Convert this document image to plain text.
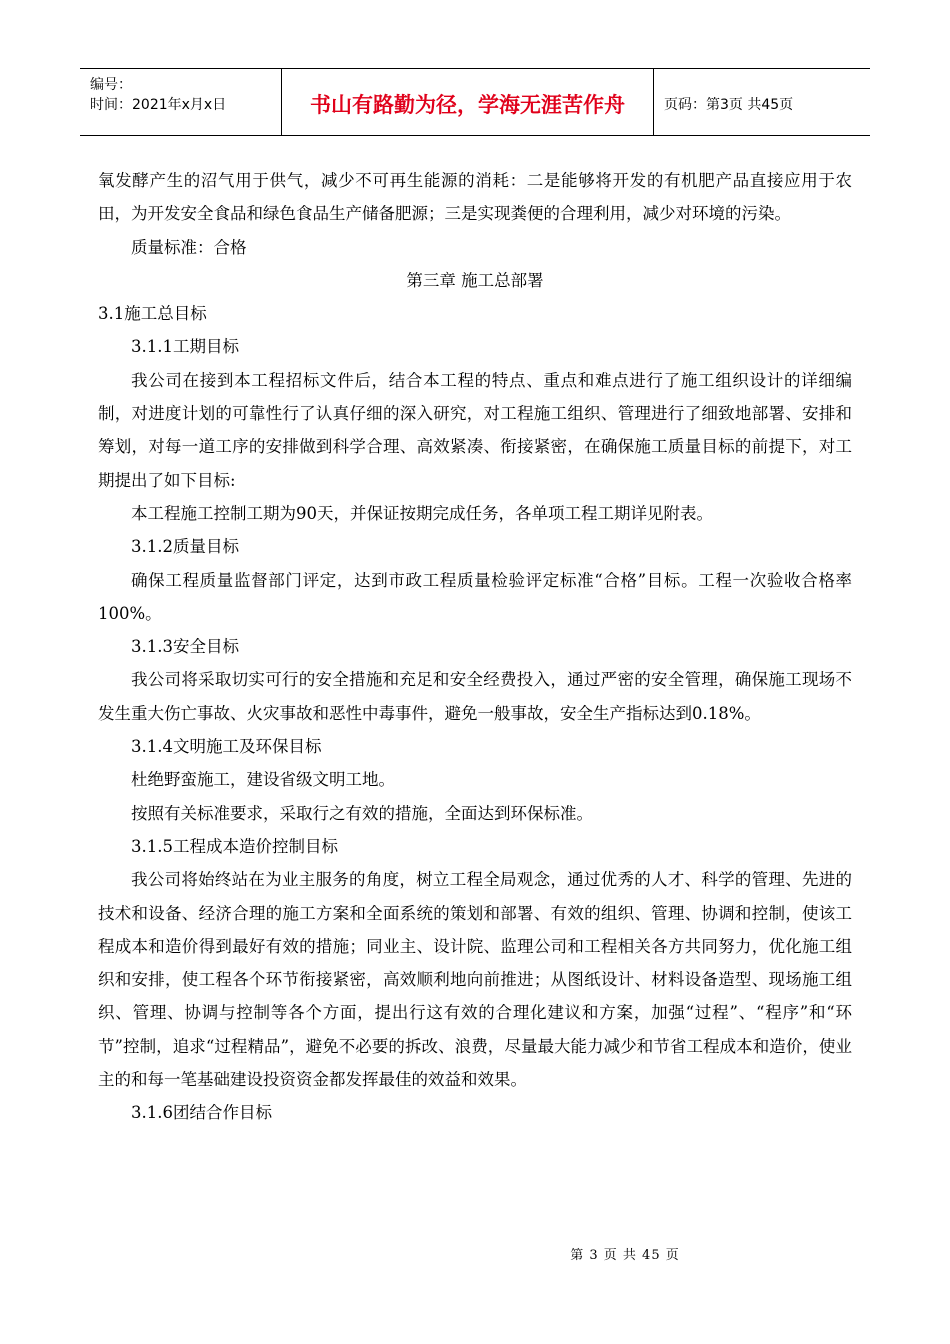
编号：
时间：2021年x月x日	书山有路勤为径，学海无涯苦作舟	页码：第3页 共45页

氧发酵产生的沼气用于供气，减少不可再生能源的消耗：二是能够将开发的有机肥产品直接应用于农田，为开发安全食品和绿色食品生产储备肥源；三是实现粪便的合理利用，减少对环境的污染。

质量标准：合格

第三章 施工总部署

3.1施工总目标

3.1.1工期目标

我公司在接到本工程招标文件后，结合本工程的特点、重点和难点进行了施工组织设计的详细编制，对进度计划的可靠性行了认真仔细的深入研究，对工程施工组织、管理进行了细致地部署、安排和筹划，对每一道工序的安排做到科学合理、高效紧凑、衔接紧密，在确保施工质量目标的前提下，对工期提出了如下目标:

本工程施工控制工期为90天，并保证按期完成任务，各单项工程工期详见附表。

3.1.2质量目标

确保工程质量监督部门评定，达到市政工程质量检验评定标准“合格”目标。工程一次验收合格率100%。

3.1.3安全目标

我公司将采取切实可行的安全措施和充足和安全经费投入，通过严密的安全管理，确保施工现场不发生重大伤亡事故、火灾事故和恶性中毒事件，避免一般事故，安全生产指标达到0.18%。

3.1.4文明施工及环保目标

杜绝野蛮施工，建设省级文明工地。

按照有关标准要求，采取行之有效的措施，全面达到环保标准。

3.1.5工程成本造价控制目标

我公司将始终站在为业主服务的角度，树立工程全局观念，通过优秀的人才、科学的管理、先进的技术和设备、经济合理的施工方案和全面系统的策划和部署、有效的组织、管理、协调和控制，使该工程成本和造价得到最好有效的措施；同业主、设计院、监理公司和工程相关各方共同努力，优化施工组织和安排，使工程各个环节衔接紧密，高效顺利地向前推进；从图纸设计、材料设备造型、现场施工组织、管理、协调与控制等各个方面，提出行这有效的合理化建议和方案，加强“过程”、“程序”和“环节”控制，追求“过程精品”，避免不必要的拆改、浪费，尽量最大能力减少和节省工程成本和造价，使业主的和每一笔基础建设投资资金都发挥最佳的效益和效果。

3.1.6团结合作目标

第 3 页 共 45 页
